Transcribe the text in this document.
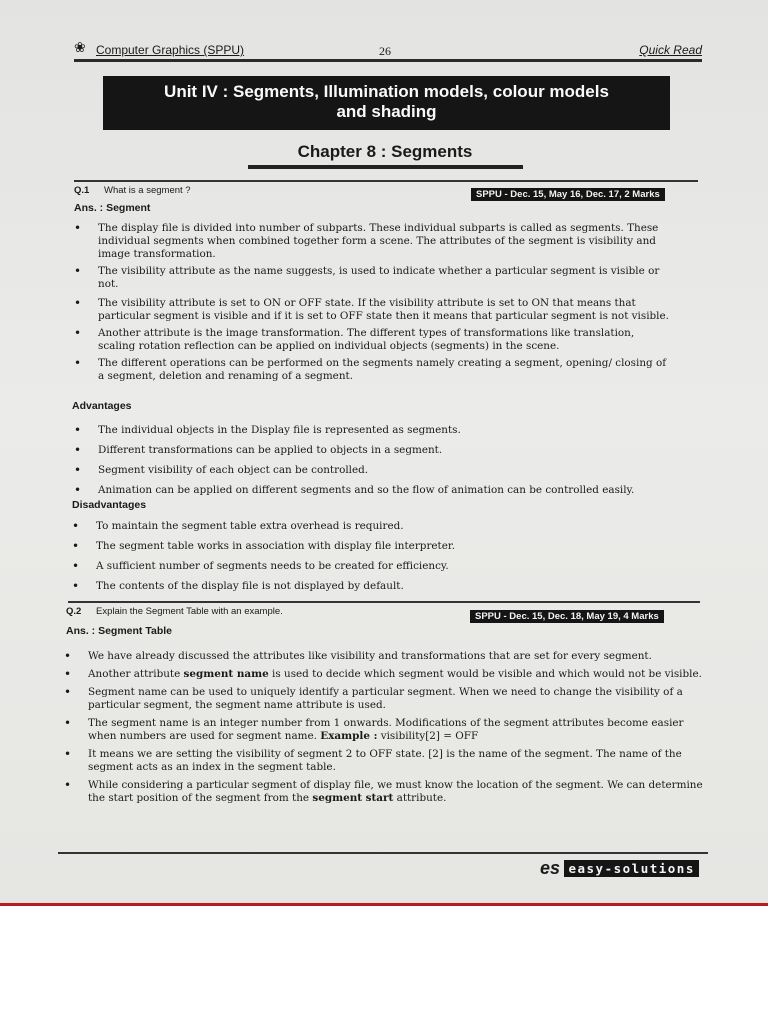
❀ Computer Graphics (SPPU)	26	Quick Read
Unit IV : Segments, Illumination models, colour models
and shading
Chapter 8 : Segments
Q.1 What is a segment ?	SPPU - Dec. 15, May 16, Dec. 17, 2 Marks
Ans. : Segment
• The display file is divided into number of subparts. These individual subparts is called as segments. These individual segments when combined together form a scene. The attributes of the segment is visibility and image transformation.
• The visibility attribute as the name suggests, is used to indicate whether a particular segment is visible or not.
• The visibility attribute is set to ON or OFF state. If the visibility attribute is set to ON that means that particular segment is visible and if it is set to OFF state then it means that particular segment is not visible.
• Another attribute is the image transformation. The different types of transformations like translation, scaling rotation reflection can be applied on individual objects (segments) in the scene.
• The different operations can be performed on the segments namely creating a segment, opening/ closing of a segment, deletion and renaming of a segment.
Advantages
• The individual objects in the Display file is represented as segments.
• Different transformations can be applied to objects in a segment.
• Segment visibility of each object can be controlled.
• Animation can be applied on different segments and so the flow of animation can be controlled easily.
Disadvantages
• To maintain the segment table extra overhead is required.
• The segment table works in association with display file interpreter.
• A sufficient number of segments needs to be created for efficiency.
• The contents of the display file is not displayed by default.
Q.2 Explain the Segment Table with an example.	SPPU - Dec. 15, Dec. 18, May 19, 4 Marks
Ans. : Segment Table
• We have already discussed the attributes like visibility and transformations that are set for every segment.
• Another attribute segment name is used to decide which segment would be visible and which would not be visible.
• Segment name can be used to uniquely identify a particular segment. When we need to change the visibility of a particular segment, the segment name attribute is used.
• The segment name is an integer number from 1 onwards. Modifications of the segment attributes become easier when numbers are used for segment name. Example : visibility[2] = OFF
• It means we are setting the visibility of segment 2 to OFF state. [2] is the name of the segment. The name of the segment acts as an index in the segment table.
• While considering a particular segment of display file, we must know the location of the segment. We can determine the start position of the segment from the segment start attribute.
es easy-solutions
